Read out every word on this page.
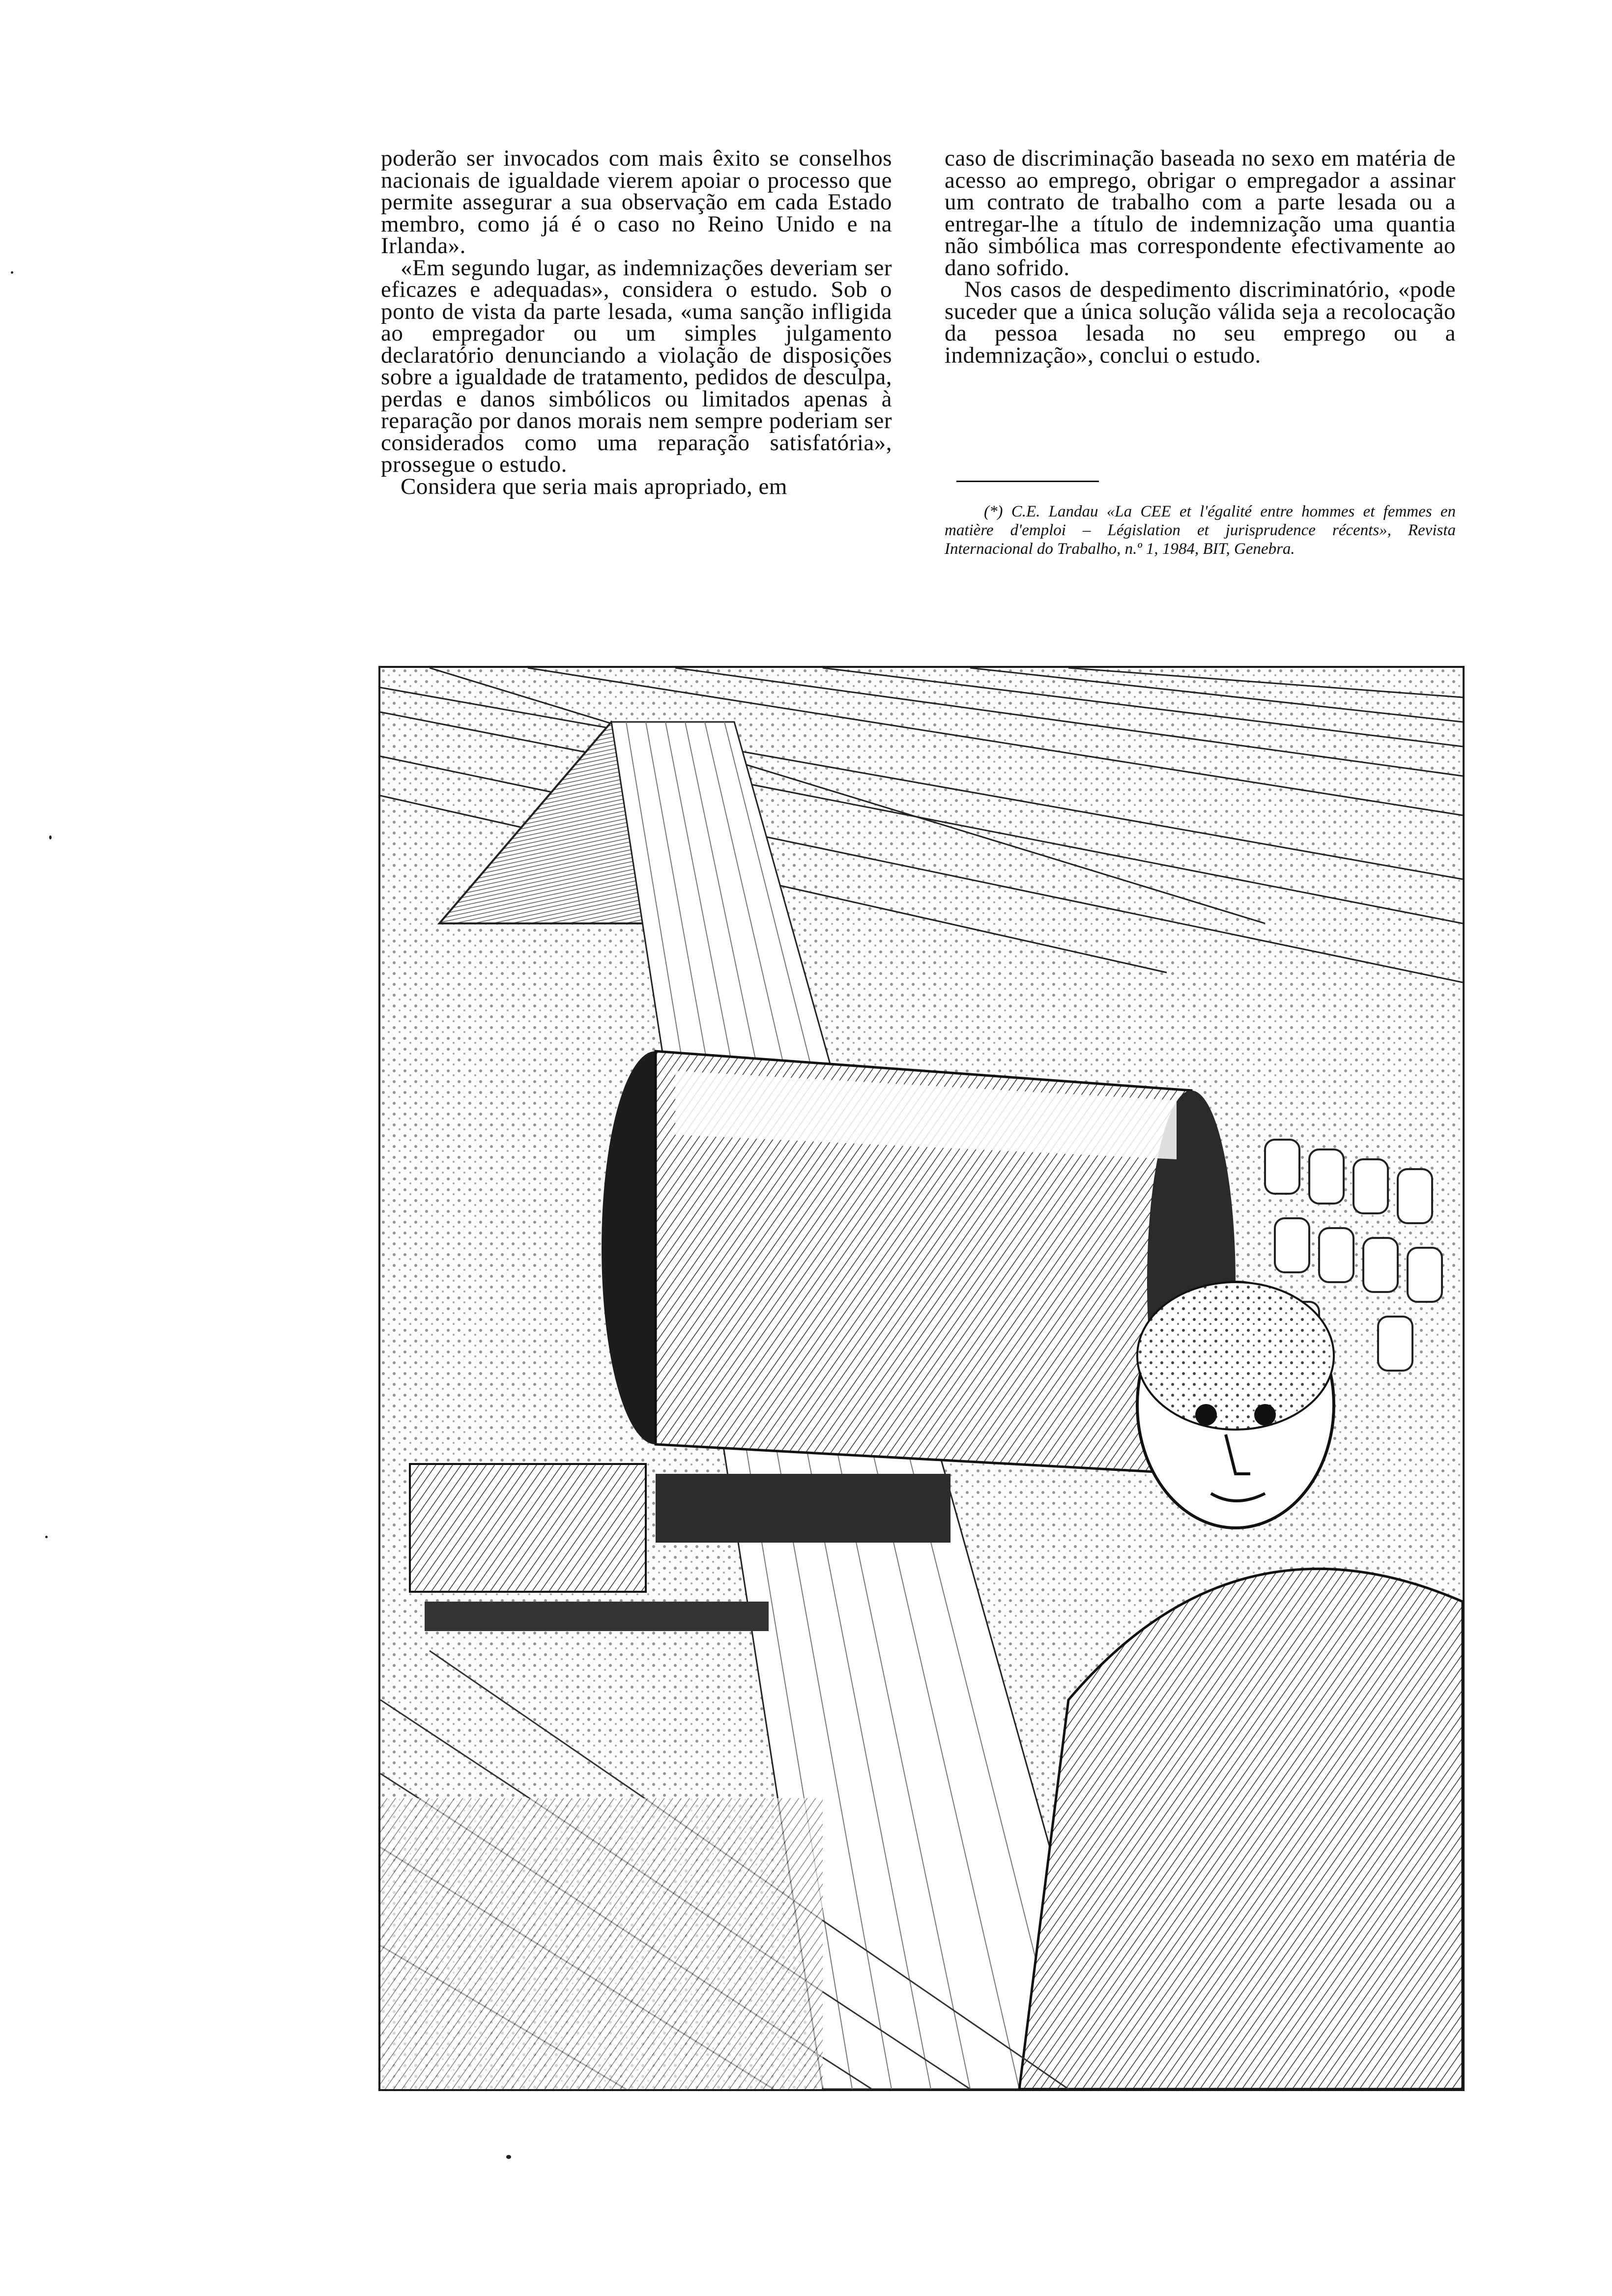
poderão ser invocados com mais êxito se conselhos nacionais de igualdade vierem apoiar o processo que permite assegurar a sua observação em cada Estado membro, como já é o caso no Reino Unido e na Irlanda».

«Em segundo lugar, as indemnizações deveriam ser eficazes e adequadas», considera o estudo. Sob o ponto de vista da parte lesada, «uma sanção infligida ao empregador ou um simples julgamento declaratório denunciando a violação de disposições sobre a igualdade de tratamento, pedidos de desculpa, perdas e danos simbólicos ou limitados apenas à reparação por danos morais nem sempre poderiam ser considerados como uma reparação satisfatória», prossegue o estudo.

Considera que seria mais apropriado, em

caso de discriminação baseada no sexo em matéria de acesso ao emprego, obrigar o empregador a assinar um contrato de trabalho com a parte lesada ou a entregar-lhe a título de indemnização uma quantia não simbólica mas correspondente efectivamente ao dano sofrido.

Nos casos de despedimento discriminatório, «pode suceder que a única solução válida seja a recolocação da pessoa lesada no seu emprego ou a indemnização», conclui o estudo.

(*) C.E. Landau «La CEE et l'égalité entre hommes et femmes en matière d'emploi – Législation et jurisprudence récents», Revista Internacional do Trabalho, n.º 1, 1984, BIT, Genebra.
